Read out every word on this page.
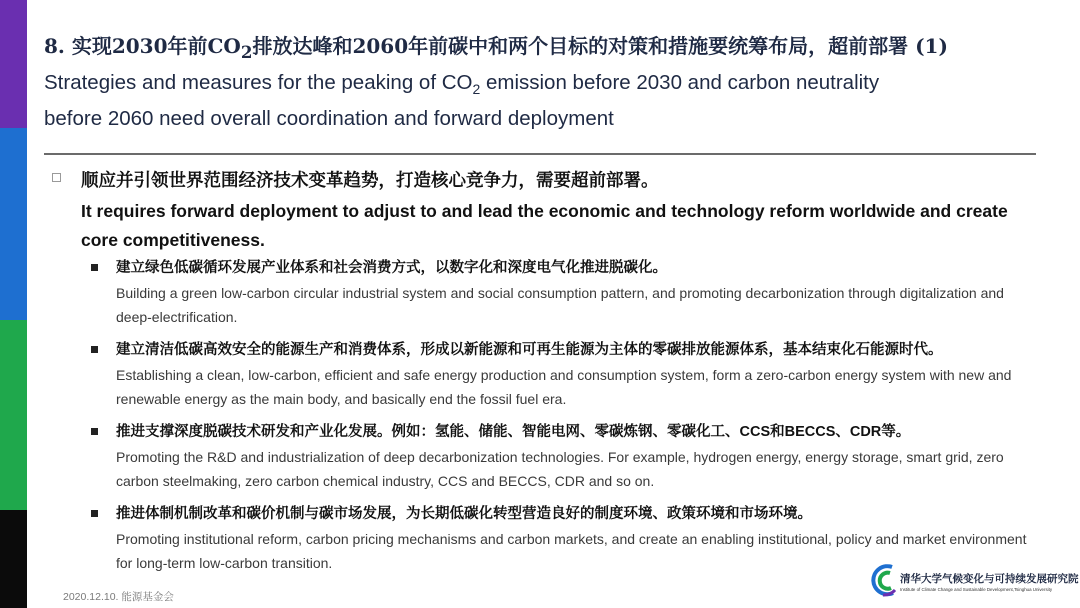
8. 实现2030年前$CO_2$排放达峰和2060年前碳中和两个目标的对策和措施要统筹布局，超前部署 (1)
Strategies and measures for the peaking of $CO_2$ emission before 2030 and carbon neutrality
before 2060 need overall coordination and forward deployment
顺应并引领世界范围经济技术变革趋势，打造核心竞争力，需要超前部署。
It requires forward deployment to adjust to and lead the economic and technology reform worldwide and create core competitiveness.
建立绿色低碳循环发展产业体系和社会消费方式，以数字化和深度电气化推进脱碳化。
Building a green low-carbon circular industrial system and social consumption pattern, and promoting decarbonization through digitalization and deep-electrification.
建立清洁低碳高效安全的能源生产和消费体系，形成以新能源和可再生能源为主体的零碳排放能源体系，基本结束化石能源时代。
Establishing a clean, low-carbon, efficient and safe energy production and consumption system, form a zero-carbon energy system with new and renewable energy as the main body, and basically end the fossil fuel era.
推进支撑深度脱碳技术研发和产业化发展。例如：氢能、储能、智能电网、零碳炼钢、零碳化工、CCS和BECCS、CDR等。
Promoting the R&D and industrialization of deep decarbonization technologies. For example, hydrogen energy, energy storage, smart grid, zero carbon steelmaking, zero carbon chemical industry, CCS and BECCS, CDR and so on.
推进体制机制改革和碳价机制与碳市场发展，为长期低碳化转型营造良好的制度环境、政策环境和市场环境。
Promoting institutional reform, carbon pricing mechanisms and carbon markets, and create an enabling institutional, policy and market environment for long-term low-carbon transition.
2020.12.10. 能源基金会
清华大学气候变化与可持续发展研究院
Institute of Climate Change and Sustainable Development,Tsinghua University
